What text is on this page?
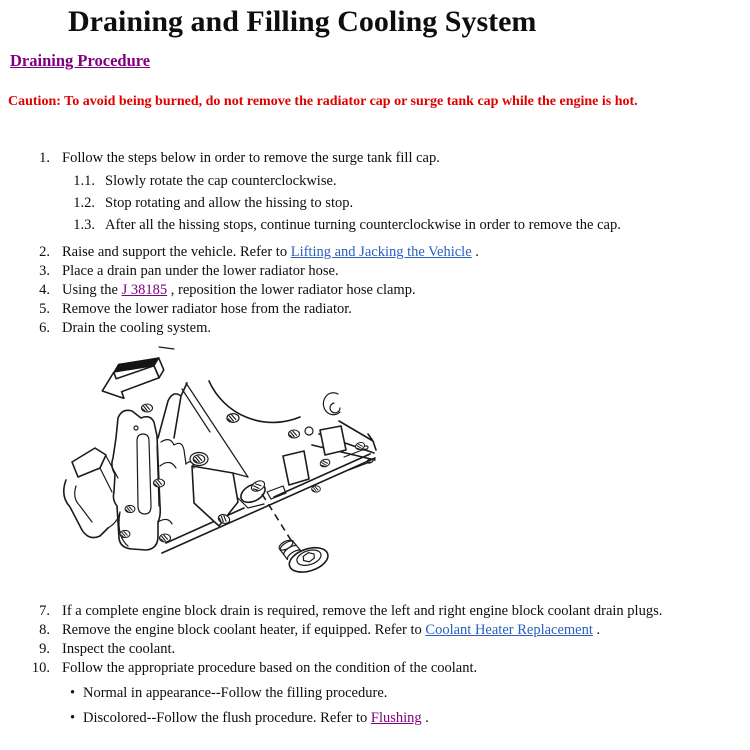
Draining and Filling Cooling System
Draining Procedure
Caution: To avoid being burned, do not remove the radiator cap or surge tank cap while the engine is hot.
1. Follow the steps below in order to remove the surge tank fill cap.
1.1. Slowly rotate the cap counterclockwise.
1.2. Stop rotating and allow the hissing to stop.
1.3. After all the hissing stops, continue turning counterclockwise in order to remove the cap.
2. Raise and support the vehicle. Refer to Lifting and Jacking the Vehicle .
3. Place a drain pan under the lower radiator hose.
4. Using the J 38185 , reposition the lower radiator hose clamp.
5. Remove the lower radiator hose from the radiator.
6. Drain the cooling system.
7. If a complete engine block drain is required, remove the left and right engine block coolant drain plugs.
8. Remove the engine block coolant heater, if equipped. Refer to Coolant Heater Replacement .
9. Inspect the coolant.
10. Follow the appropriate procedure based on the condition of the coolant.
• Normal in appearance--Follow the filling procedure.
• Discolored--Follow the flush procedure. Refer to Flushing .
